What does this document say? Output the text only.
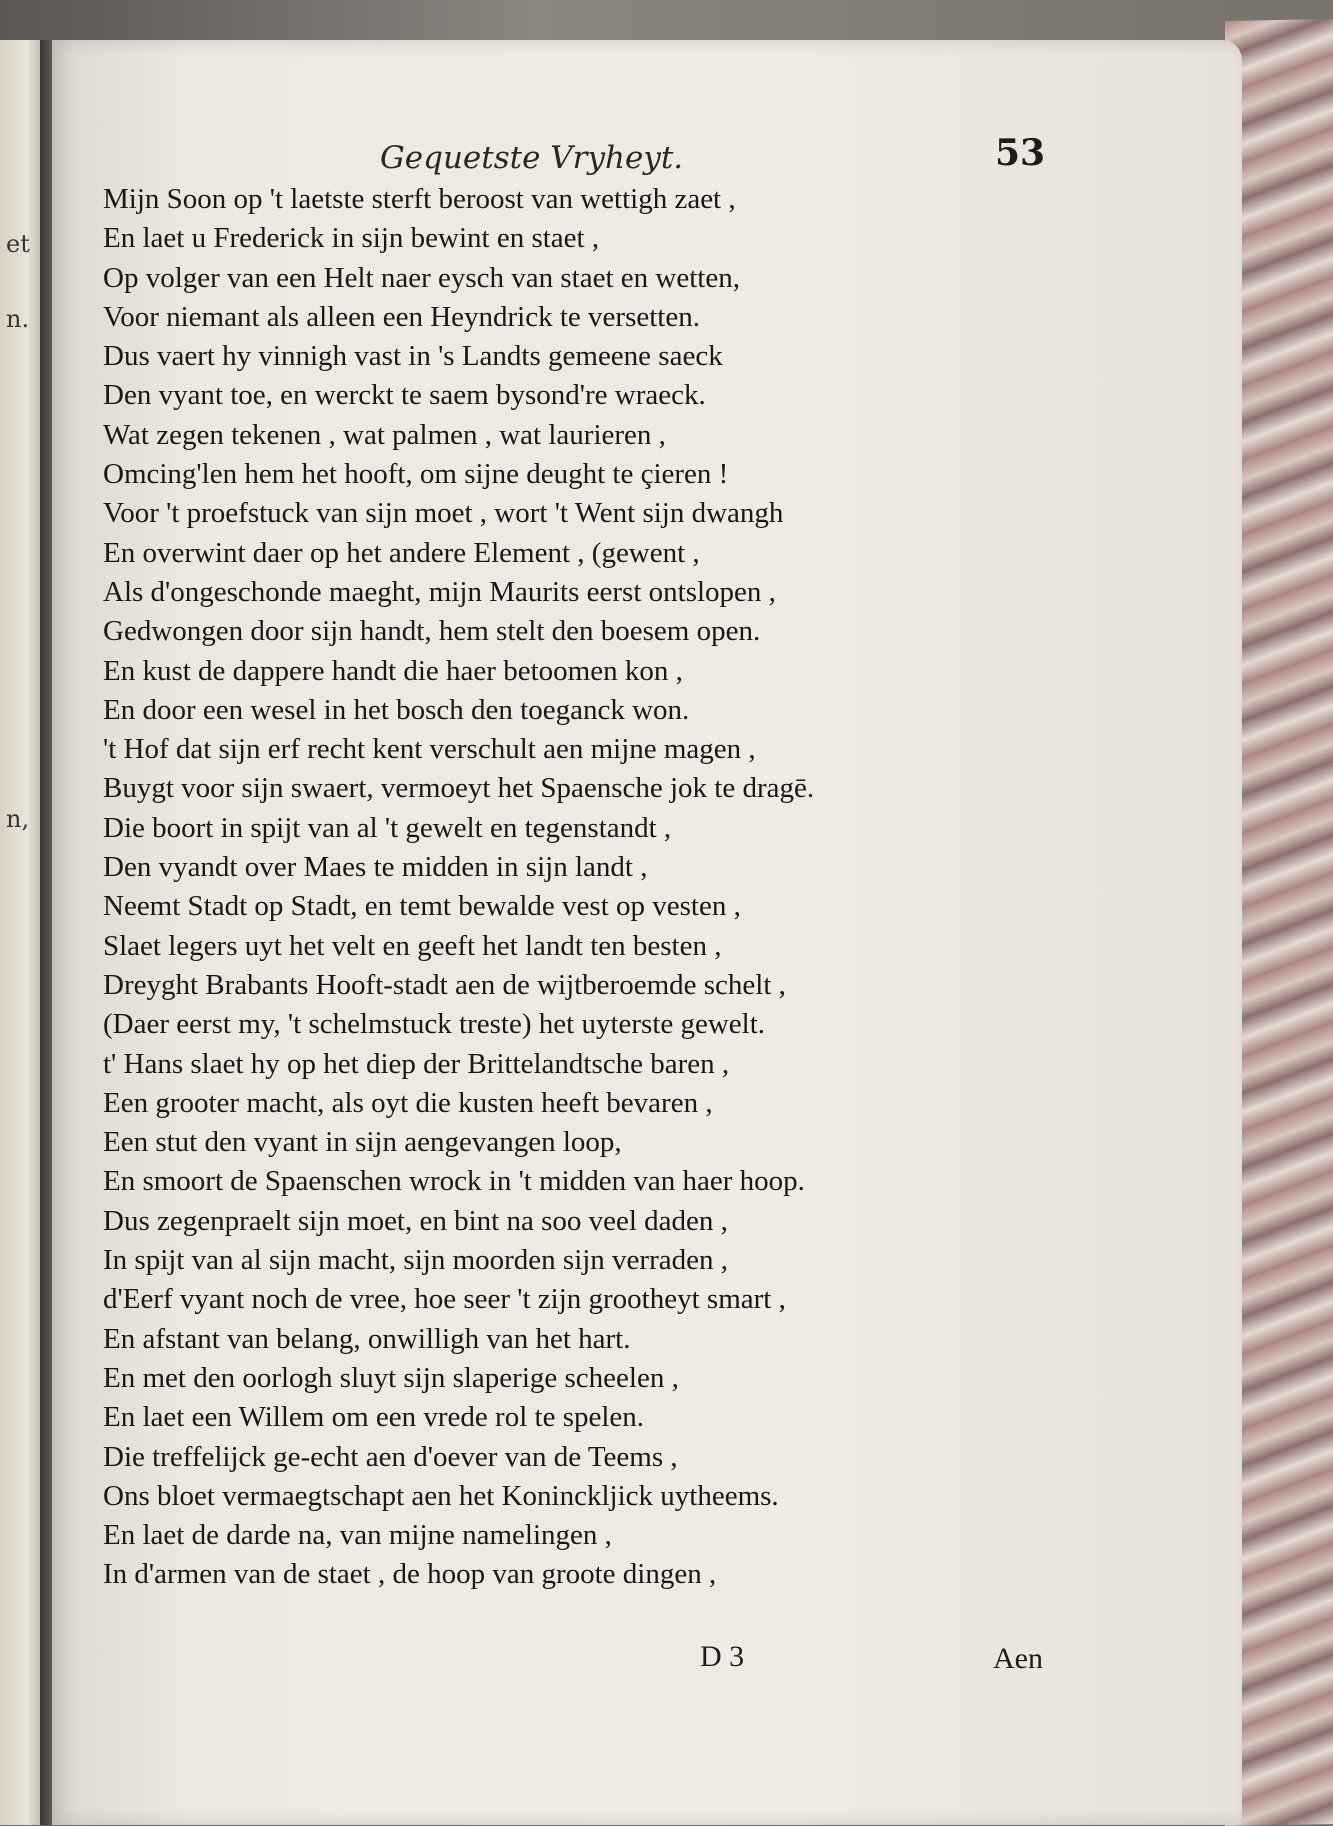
et
n.
n,
Gequetste Vryheyt.	53
Mijn Soon op 't laetste sterft beroost van wettigh zaet ,
En laet u Frederick in sijn bewint en staet ,
Op volger van een Helt naer eysch van staet en wetten,
Voor niemant als alleen een Heyndrick te versetten.
Dus vaert hy vinnigh vast in 's Landts gemeene saeck
Den vyant toe, en werckt te saem bysond're wraeck.
Wat zegen tekenen , wat palmen , wat laurieren ,
Omcing'len hem het hooft, om sijne deught te çieren !
Voor 't proefstuck van sijn moet , wort 't Went sijn dwangh
En overwint daer op het andere Element , (gewent ,
Als d'ongeschonde maeght, mijn Maurits eerst ontslopen ,
Gedwongen door sijn handt, hem stelt den boesem open.
En kust de dappere handt die haer betoomen kon ,
En door een wesel in het bosch den toeganck won.
't Hof dat sijn erf recht kent verschult aen mijne magen ,
Buygt voor sijn swaert, vermoeyt het Spaensche jok te dragē.
Die boort in spijt van al 't gewelt en tegenstandt ,
Den vyandt over Maes te midden in sijn landt ,
Neemt Stadt op Stadt, en temt bewalde vest op vesten ,
Slaet legers uyt het velt en geeft het landt ten besten ,
Dreyght Brabants Hooft-stadt aen de wijtberoemde schelt ,
(Daer eerst my, 't schelmstuck treste) het uyterste gewelt.
t' Hans slaet hy op het diep der Brittelandtsche baren ,
Een grooter macht, als oyt die kusten heeft bevaren ,
Een stut den vyant in sijn aengevangen loop,
En smoort de Spaenschen wrock in 't midden van haer hoop.
Dus zegenpraelt sijn moet, en bint na soo veel daden ,
In spijt van al sijn macht, sijn moorden sijn verraden ,
d'Eerf vyant noch de vree, hoe seer 't zijn grootheyt smart ,
En afstant van belang, onwilligh van het hart.
En met den oorlogh sluyt sijn slaperige scheelen ,
En laet een Willem om een vrede rol te spelen.
Die treffelijck ge-echt aen d'oever van de Teems ,
Ons bloet vermaegtschapt aen het Koninckljick uytheems.
En laet de darde na, van mijne namelingen ,
In d'armen van de staet , de hoop van groote dingen ,
D 3	Aen
